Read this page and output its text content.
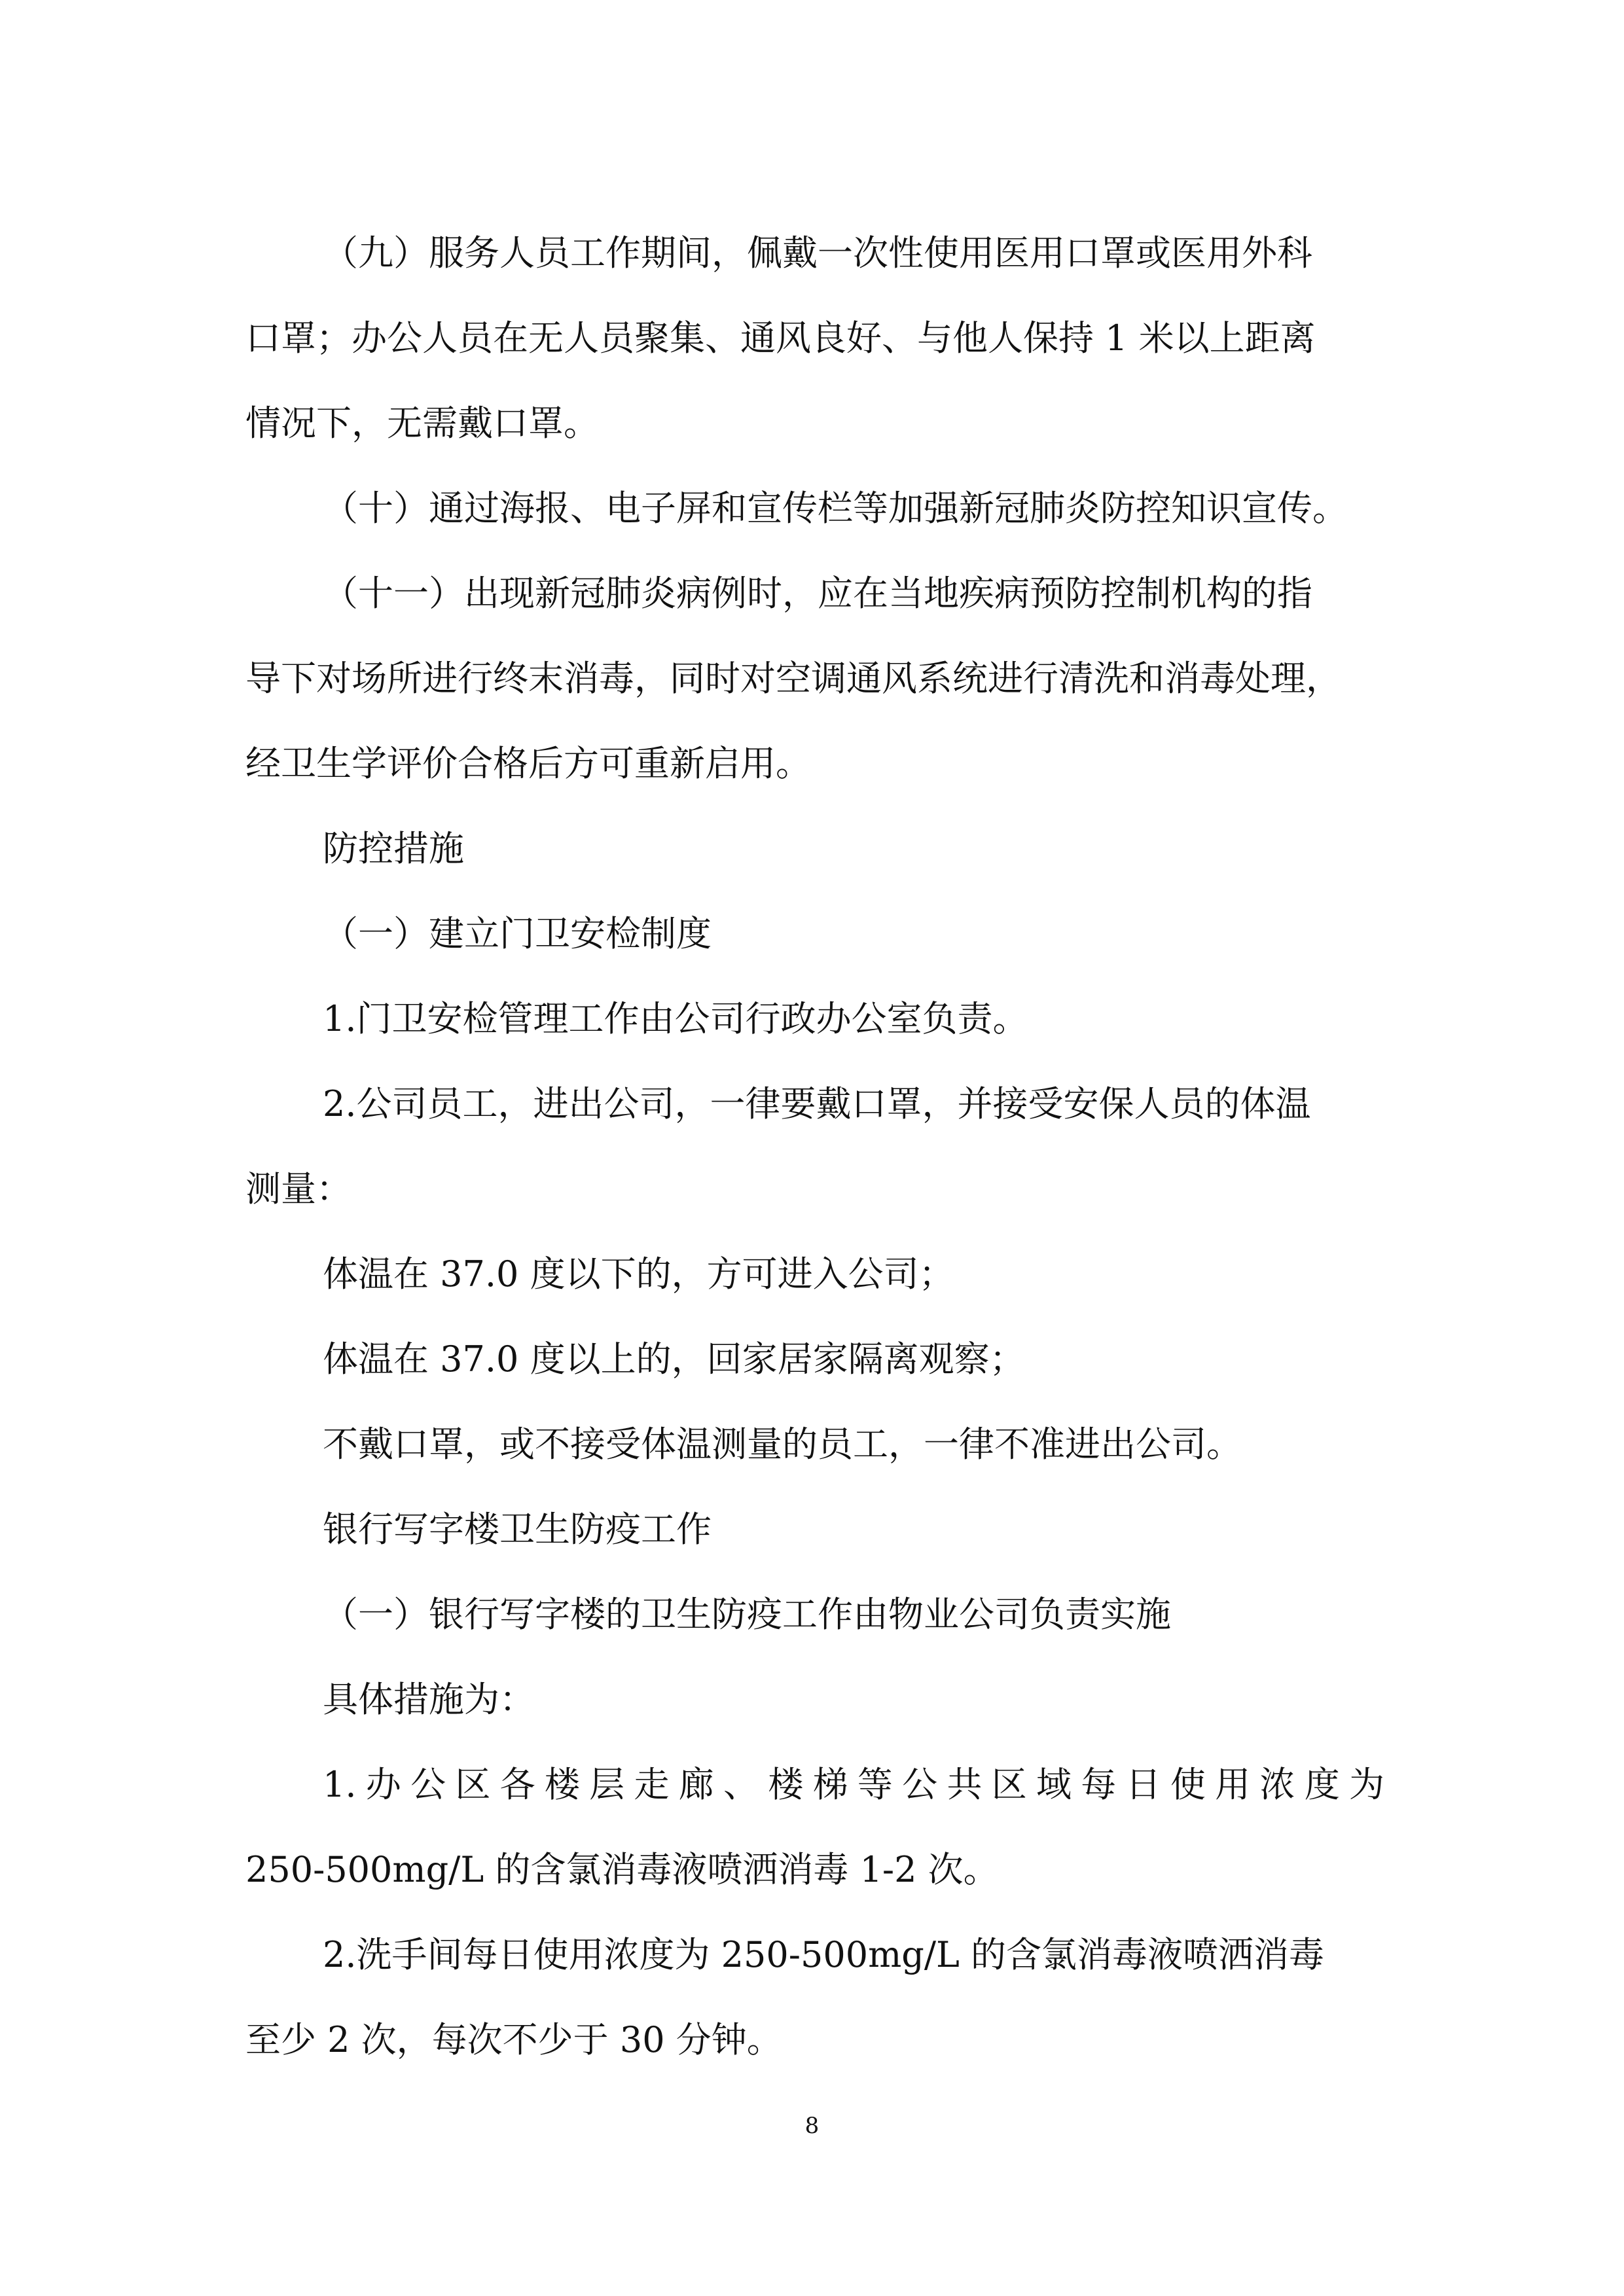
（九）服务人员工作期间，佩戴一次性使用医用口罩或医用外科
口罩；办公人员在无人员聚集、通风良好、与他人保持 1 米以上距离
情况下，无需戴口罩。
（十）通过海报、电子屏和宣传栏等加强新冠肺炎防控知识宣传。
（十一）出现新冠肺炎病例时，应在当地疾病预防控制机构的指
导下对场所进行终末消毒，同时对空调通风系统进行清洗和消毒处理，
经卫生学评价合格后方可重新启用。
防控措施
（一）建立门卫安检制度
1.门卫安检管理工作由公司行政办公室负责。
2.公司员工，进出公司，一律要戴口罩，并接受安保人员的体温
测量：
体温在 37.0 度以下的，方可进入公司；
体温在 37.0 度以上的，回家居家隔离观察；
不戴口罩，或不接受体温测量的员工，一律不准进出公司。
银行写字楼卫生防疫工作
（一）银行写字楼的卫生防疫工作由物业公司负责实施
具体措施为：
1.办公区各楼层走廊、楼梯等公共区域每日使用浓度为
250-500mg/L 的含氯消毒液喷洒消毒 1-2 次。
2.洗手间每日使用浓度为 250-500mg/L 的含氯消毒液喷洒消毒
至少 2 次，每次不少于 30 分钟。
8
